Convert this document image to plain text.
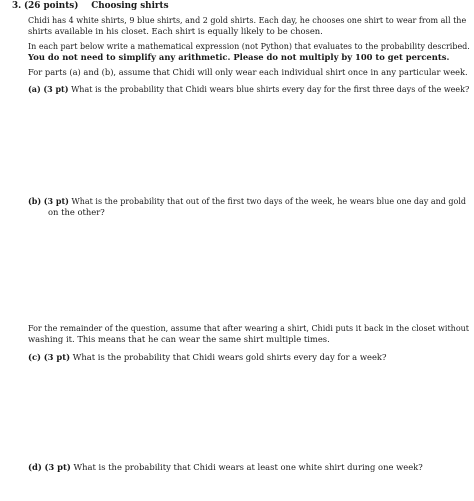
3. (26 points) Choosing shirts
Chidi has 4 white shirts, 9 blue shirts, and 2 gold shirts. Each day, he chooses one shirt to wear from all the
shirts available in his closet. Each shirt is equally likely to be chosen.
In each part below write a mathematical expression (not Python) that evaluates to the probability described.
You do not need to simplify any arithmetic. Please do not multiply by 100 to get percents.
For parts (a) and (b), assume that Chidi will only wear each individual shirt once in any particular week.
(a) (3 pt) What is the probability that Chidi wears blue shirts every day for the first three days of the week?
(b) (3 pt) What is the probability that out of the first two days of the week, he wears blue one day and gold
on the other?
For the remainder of the question, assume that after wearing a shirt, Chidi puts it back in the closet without
washing it. This means that he can wear the same shirt multiple times.
(c) (3 pt) What is the probability that Chidi wears gold shirts every day for a week?
(d) (3 pt) What is the probability that Chidi wears at least one white shirt during one week?
